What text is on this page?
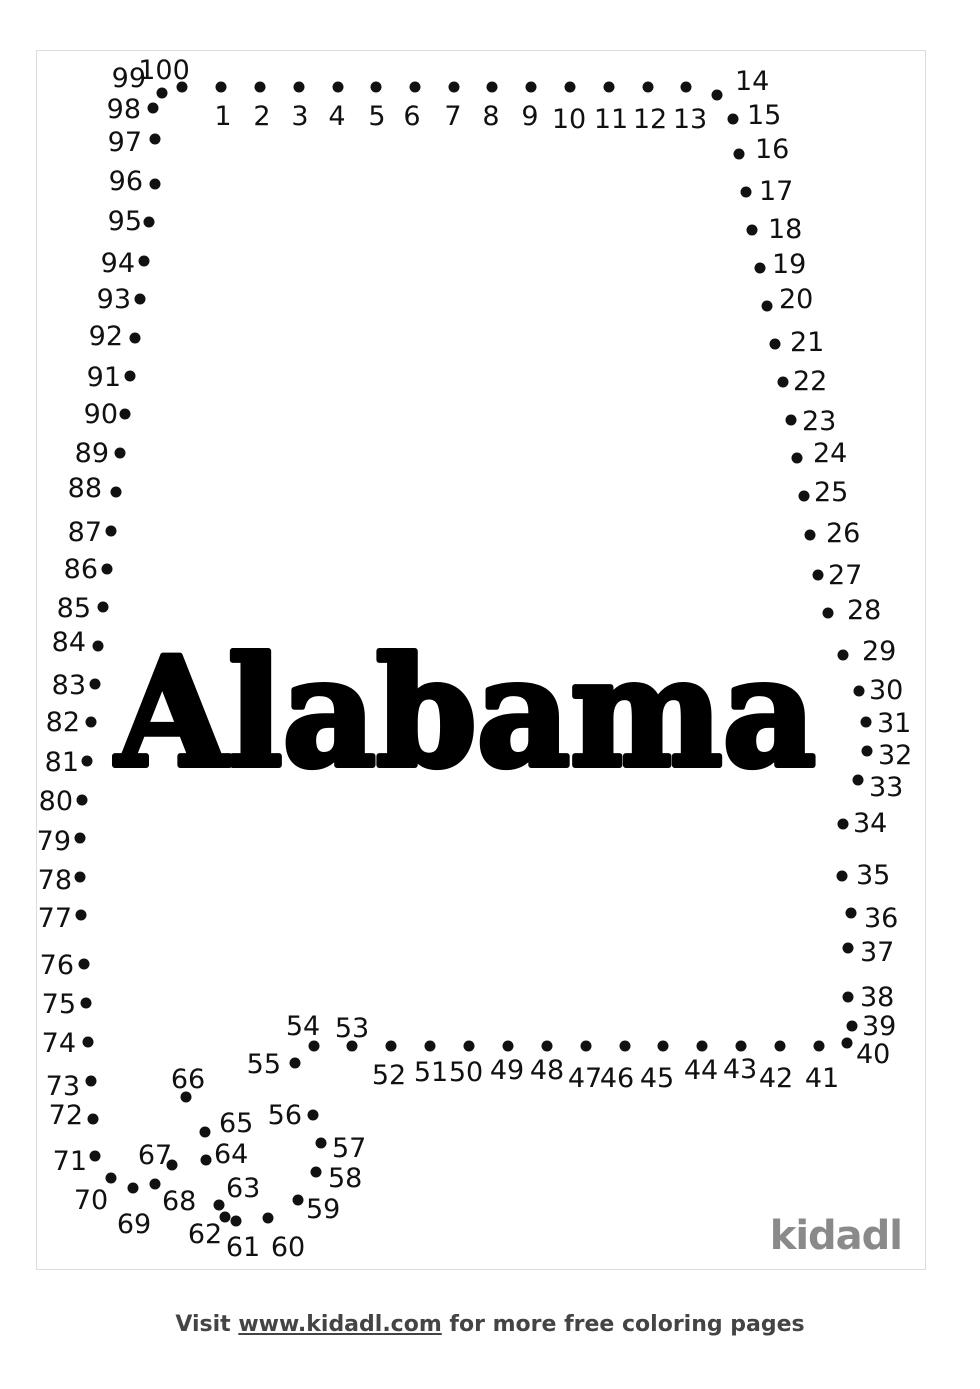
Alabama
1 2 3 4 5 6 7 8 9 10 11 12 13
14
15
16
17
18
19
20
21
22
23
24
25
26
27
28
29
30
31
32
33
34
35
36
37
38
39
40
41
42
43
44
45
46
47
48
49
50
51
52
53
54
55
56
57
58
59
60
61
62
63
64
65
66
67
68
69
70
71
72
73
74
75
76
77
78
79
80
81
82
83
84
85
86
87
88
89
90
91
92
93
94
95
96
97
98
99
100
kidadl
Visit www.kidadl.com for more free coloring pages
